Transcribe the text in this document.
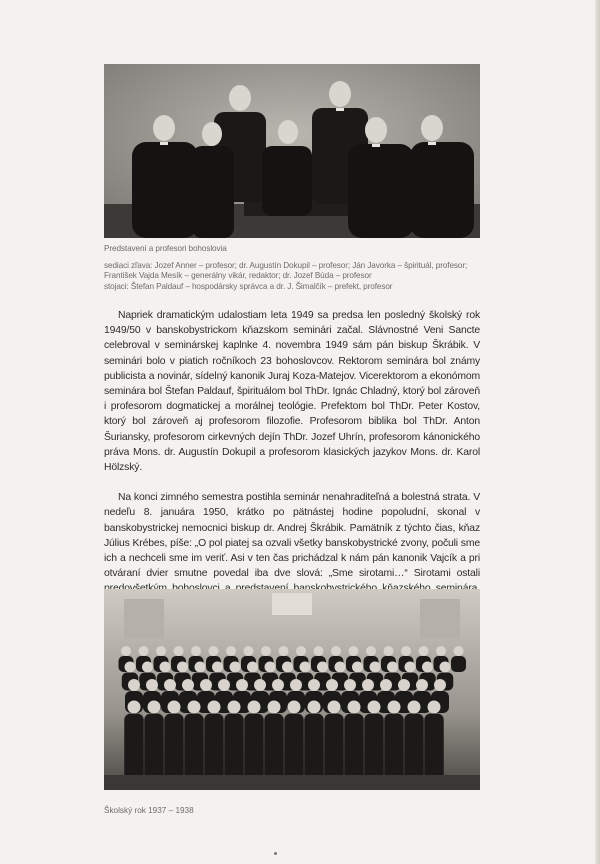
Predstavení a profesori bohoslovia
sediaci zľava: Jozef Anner – profesor; dr. Augustín Dokupil – profesor; Ján Javorka – špirituál, profesor;
František Vajda Mesík – generálny vikár, redaktor; dr. Jozef Búda – profesor
stojaci: Štefan Paldauf – hospodársky správca a dr. J. Šimalčík – prefekt, profesor

Napriek dramatickým udalostiam leta 1949 sa predsa len posledný školský rok 1949/50 v banskobystrickom kňazskom seminári začal. Slávnostné Veni Sancte celebroval v seminárskej kaplnke 4. novembra 1949 sám pán biskup Škrábik. V seminári bolo v piatich ročníkoch 23 bohoslovcov. Rektorom seminára bol známy publicista a novinár, sídelný kanonik Juraj Koza-Matejov. Vicerektorom a ekonómom seminára bol Štefan Paldauf, špirituálom bol ThDr. Ignác Chladný, ktorý bol zároveň i profesorom dogmatickej a morálnej teológie. Prefektom bol ThDr. Peter Kostov, ktorý bol zároveň aj profesorom filozofie. Profesorom biblika bol ThDr. Anton Šuriansky, profesorom cirkevných dejín ThDr. Jozef Uhrín, profesorom kánonického práva Mons. dr. Augustín Dokupil a profesorom klasických jazykov Mons. dr. Karol Hölzský.

Na konci zimného semestra postihla seminár nenahraditeľná a bolestná strata. V nedeľu 8. januára 1950, krátko po pätnástej hodine popoludní, skonal v banskobystrickej nemocnici biskup dr. Andrej Škrábik. Pamätník z týchto čias, kňaz Július Krébes, píše: „O pol piatej sa ozvali všetky banskobystrické zvony, počuli sme ich a nechceli sme im veriť. Asi v ten čas prichádzal k nám pán kanonik Vajcík a pri otváraní dvier smutne povedal iba dve slová: „Sme sirotami…“ Sirotami ostali

Školský rok 1937 – 1938
